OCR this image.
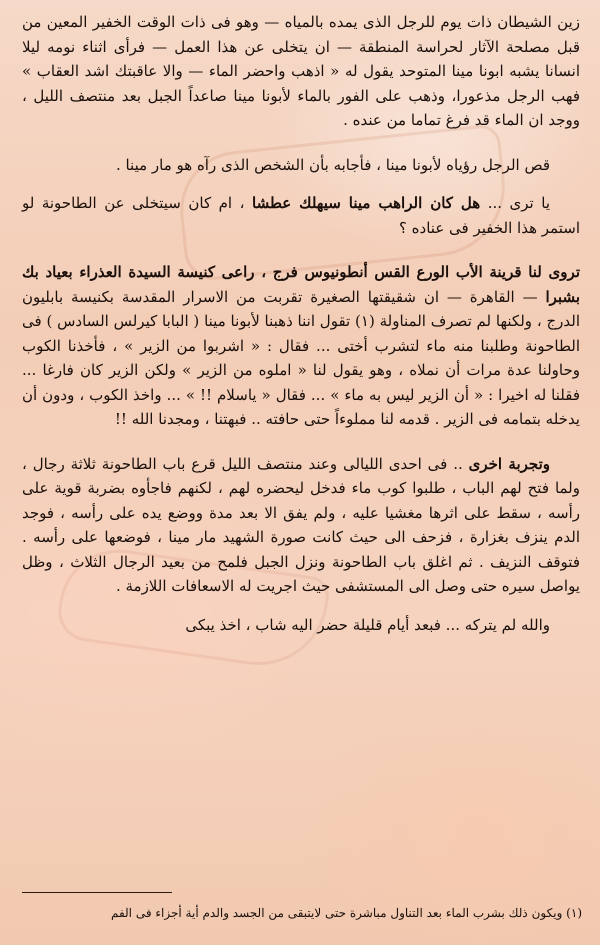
زين الشيطان ذات يوم للرجل الذى يمده بالمياه — وهو فى ذات الوقت الخفير المعين من قبل مصلحة الآثار لحراسة المنطقة — ان يتخلى عن هذا العمل — فرأى اثناء نومه ليلا انسانا يشبه ابونا مينا المتوحد يقول له « اذهب واحضر الماء — والا عاقبتك اشد العقاب » فهب الرجل مذعورا، وذهب على الفور بالماء لأبونا مينا صاعداً الجبل بعد منتصف الليل ، ووجد ان الماء قد فرغ تماما من عنده .

قص الرجل رؤياه لأبونا مينا ، فأجابه بأن الشخص الذى رآه هو مار مينا .

يا ترى ... هل كان الراهب مينا سيهلك عطشا ، ام كان سيتخلى عن الطاحونة لو استمر هذا الخفير فى عناده ؟

تروى لنا قرينة الأب الورع القس أنطونيوس فرج ، راعى كنيسة السيدة العذراء بعياد بك بشبرا — القاهرة — ان شقيقتها الصغيرة تقربت من الاسرار المقدسة بكنيسة بابليون الدرج ، ولكنها لم تصرف المناولة (١) تقول اننا ذهبنا لأبونا مينا ( البابا كيرلس السادس ) فى الطاحونة وطلبنا منه ماء لتشرب أختى ... فقال : « اشربوا من الزير » ، فأخذنا الكوب وحاولنا عدة مرات أن نملاه ، وهو يقول لنا « املوه من الزير » ولكن الزير كان فارغا ... فقلنا له اخيرا : « أن الزير ليس به ماء » ... فقال « ياسلام !! » ... واخذ الكوب ، ودون أن يدخله بتمامه فى الزير . قدمه لنا مملوءاً حتى حافته .. فبهتنا ، ومجدنا الله !!

وتجربة اخرى .. فى احدى الليالى وعند منتصف الليل قرع باب الطاحونة ثلاثة رجال ، ولما فتح لهم الباب ، طلبوا كوب ماء فدخل ليحضره لهم ، لكنهم فاجأوه بضربة قوية على رأسه ، سقط على اثرها مغشيا عليه ، ولم يفق الا بعد مدة ووضع يده على رأسه ، فوجد الدم ينزف بغزارة ، فزحف الى حيث كانت صورة الشهيد مار مينا ، فوضعها على رأسه . فتوقف النزيف . ثم اغلق باب الطاحونة ونزل الجبل فلمح من بعيد الرجال الثلاث ، وظل يواصل سيره حتى وصل الى المستشفى حيث اجريت له الاسعافات اللازمة .

والله لم يتركه ... فبعد أيام قليلة حضر اليه شاب ، اخذ يبكى

(١) ويكون ذلك بشرب الماء بعد التناول مباشرة حتى لايتبقى من الجسد والدم أية أجزاء فى الفم
